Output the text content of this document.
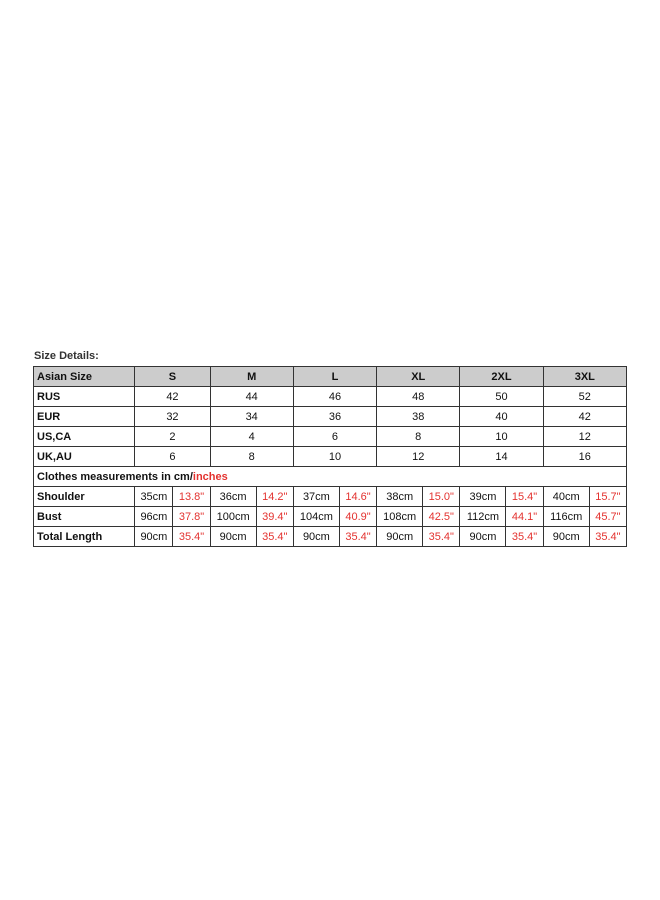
Size Details:
Asian Size	S		M		L		XL		2XL		3XL	
RUS	42		44		46		48		50		52	
EUR	32		34		36		38		40		42	
US,CA	2		4		6		8		10		12	
UK,AU	6		8		10		12		14		16	
Clothes measurements in cm/inches												
Shoulder	35cm	13.8"	36cm	14.2"	37cm	14.6"	38cm	15.0"	39cm	15.4"	40cm	15.7"
Bust	96cm	37.8"	100cm	39.4"	104cm	40.9"	108cm	42.5"	112cm	44.1"	116cm	45.7"
Total Length	90cm	35.4"	90cm	35.4"	90cm	35.4"	90cm	35.4"	90cm	35.4"	90cm	35.4"
